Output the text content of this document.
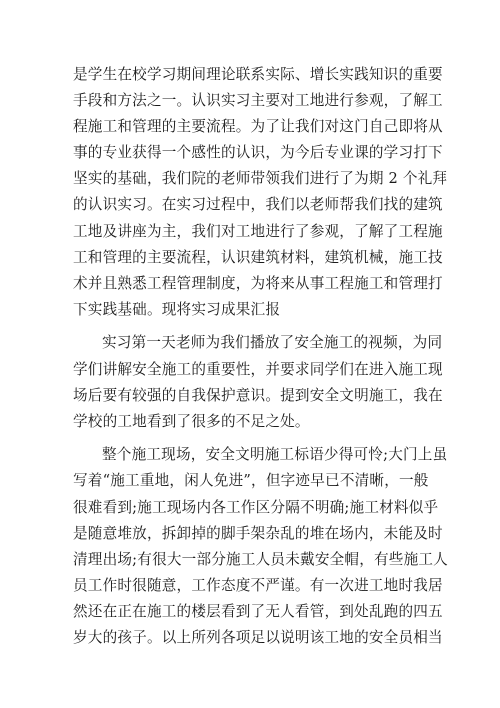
是学生在校学习期间理论联系实际、增长实践知识的重要
手段和方法之一。认识实习主要对工地进行参观，了解工
程施工和管理的主要流程。为了让我们对这门自己即将从
事的专业获得一个感性的认识，为今后专业课的学习打下
坚实的基础，我们院的老师带领我们进行了为期 2 个礼拜
的认识实习。在实习过程中，我们以老师帮我们找的建筑
工地及讲座为主，我们对工地进行了参观，了解了工程施
工和管理的主要流程，认识建筑材料，建筑机械，施工技
术并且熟悉工程管理制度，为将来从事工程施工和管理打
下实践基础。现将实习成果汇报
实习第一天老师为我们播放了安全施工的视频，为同
学们讲解安全施工的重要性，并要求同学们在进入施工现
场后要有较强的自我保护意识。提到安全文明施工，我在
学校的工地看到了很多的不足之处。
整个施工现场，安全文明施工标语少得可怜;大门上虽
写着“施工重地，闲人免进”，但字迹早已不清晰，一般
很难看到;施工现场内各工作区分隔不明确;施工材料似乎
是随意堆放，拆卸掉的脚手架杂乱的堆在场内，未能及时
清理出场;有很大一部分施工人员未戴安全帽，有些施工人
员工作时很随意，工作态度不严谨。有一次进工地时我居
然还在正在施工的楼层看到了无人看管，到处乱跑的四五
岁大的孩子。以上所列各项足以说明该工地的安全员相当
